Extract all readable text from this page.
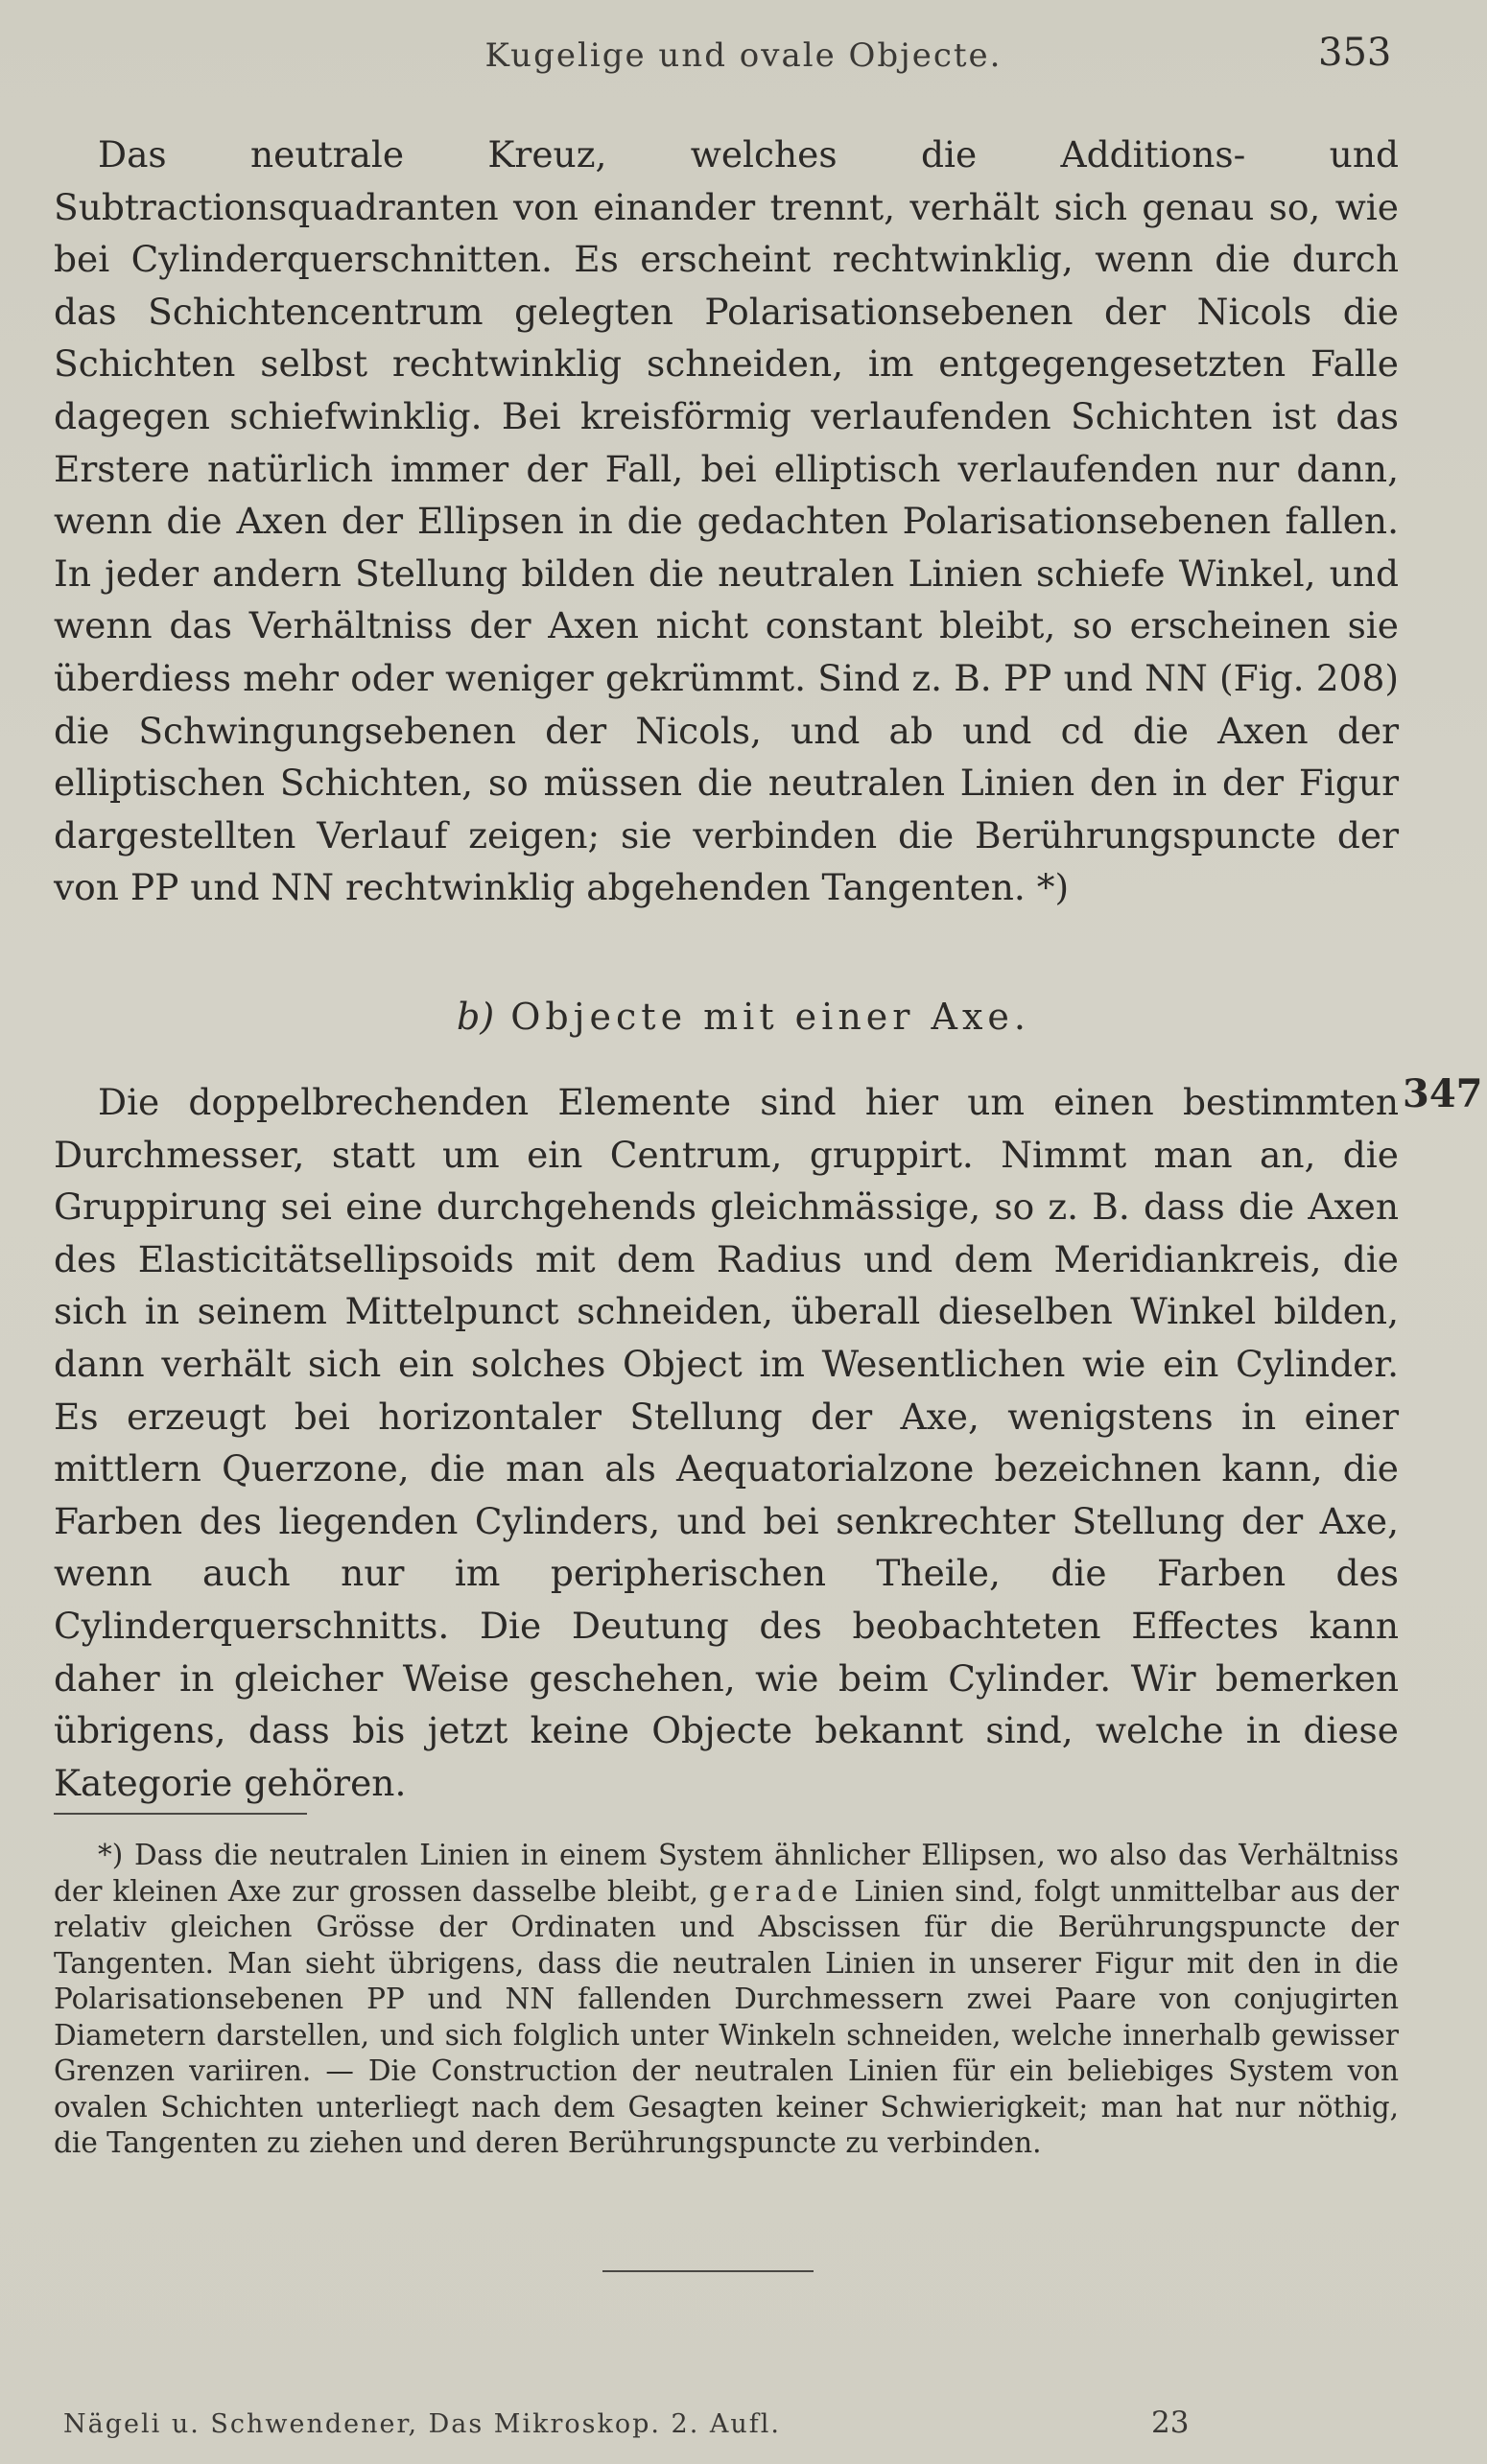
Kugelige und ovale Objecte.	353

Das neutrale Kreuz, welches die Additions- und Subtractionsquadranten von einander trennt, verhält sich genau so, wie bei Cylinderquerschnitten. Es erscheint rechtwinklig, wenn die durch das Schichtencentrum gelegten Polarisationsebenen der Nicols die Schichten selbst rechtwinklig schneiden, im entgegengesetzten Falle dagegen schiefwinklig. Bei kreisförmig verlaufenden Schichten ist das Erstere natürlich immer der Fall, bei elliptisch verlaufenden nur dann, wenn die Axen der Ellipsen in die gedachten Polarisationsebenen fallen. In jeder andern Stellung bilden die neutralen Linien schiefe Winkel, und wenn das Verhältniss der Axen nicht constant bleibt, so erscheinen sie überdiess mehr oder weniger gekrümmt. Sind z. B. PP und NN (Fig. 208) die Schwingungsebenen der Nicols, und ab und cd die Axen der elliptischen Schichten, so müssen die neutralen Linien den in der Figur dargestellten Verlauf zeigen; sie verbinden die Berührungspuncte der von PP und NN rechtwinklig abgehenden Tangenten. *)

b) Objecte mit einer Axe.
347

Die doppelbrechenden Elemente sind hier um einen bestimmten Durchmesser, statt um ein Centrum, gruppirt. Nimmt man an, die Gruppirung sei eine durchgehends gleichmässige, so z. B. dass die Axen des Elasticitätsellipsoids mit dem Radius und dem Meridiankreis, die sich in seinem Mittelpunct schneiden, überall dieselben Winkel bilden, dann verhält sich ein solches Object im Wesentlichen wie ein Cylinder. Es erzeugt bei horizontaler Stellung der Axe, wenigstens in einer mittlern Querzone, die man als Aequatorialzone bezeichnen kann, die Farben des liegenden Cylinders, und bei senkrechter Stellung der Axe, wenn auch nur im peripherischen Theile, die Farben des Cylinderquerschnitts. Die Deutung des beobachteten Effectes kann daher in gleicher Weise geschehen, wie beim Cylinder. Wir bemerken übrigens, dass bis jetzt keine Objecte bekannt sind, welche in diese Kategorie gehören.

*) Dass die neutralen Linien in einem System ähnlicher Ellipsen, wo also das Verhältniss der kleinen Axe zur grossen dasselbe bleibt, gerade Linien sind, folgt unmittelbar aus der relativ gleichen Grösse der Ordinaten und Abscissen für die Berührungspuncte der Tangenten. Man sieht übrigens, dass die neutralen Linien in unserer Figur mit den in die Polarisationsebenen PP und NN fallenden Durchmessern zwei Paare von conjugirten Diametern darstellen, und sich folglich unter Winkeln schneiden, welche innerhalb gewisser Grenzen variiren. — Die Construction der neutralen Linien für ein beliebiges System von ovalen Schichten unterliegt nach dem Gesagten keiner Schwierigkeit; man hat nur nöthig, die Tangenten zu ziehen und deren Berührungspuncte zu verbinden.

Nägeli u. Schwendener, Das Mikroskop. 2. Aufl.	23
